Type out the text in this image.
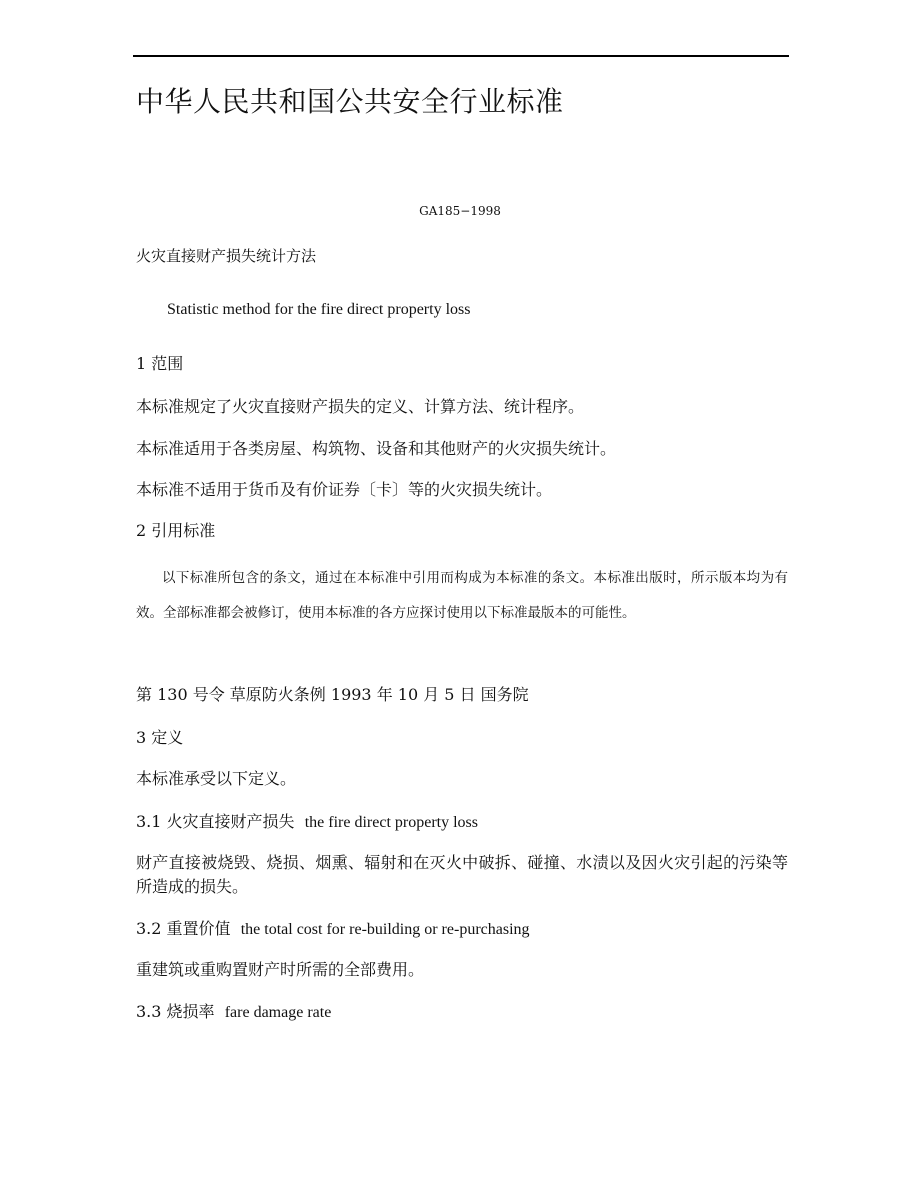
中华人民共和国公共安全行业标准
GA185−1998
火灾直接财产损失统计方法
Statistic method for the fire direct property loss
1 范围
本标准规定了火灾直接财产损失的定义、计算方法、统计程序。
本标准适用于各类房屋、构筑物、设备和其他财产的火灾损失统计。
本标准不适用于货币及有价证券〔卡〕等的火灾损失统计。
2 引用标准

以下标准所包含的条文，通过在本标准中引用而构成为本标准的条文。本标准出版时，所示版本均为有效。全部标准都会被修订，使用本标准的各方应探讨使用以下标准最版本的可能性。

第 130 号令 草原防火条例 1993 年 10 月 5 日 国务院
3 定义
本标准承受以下定义。
3.1 火灾直接财产损失 the fire direct property loss

财产直接被烧毁、烧损、烟熏、辐射和在灭火中破拆、碰撞、水渍以及因火灾引起的污染等所造成的损失。

3.2 重置价值 the total cost for re-building or re-purchasing
重建筑或重购置财产时所需的全部费用。
3.3 烧损率 fare damage rate
